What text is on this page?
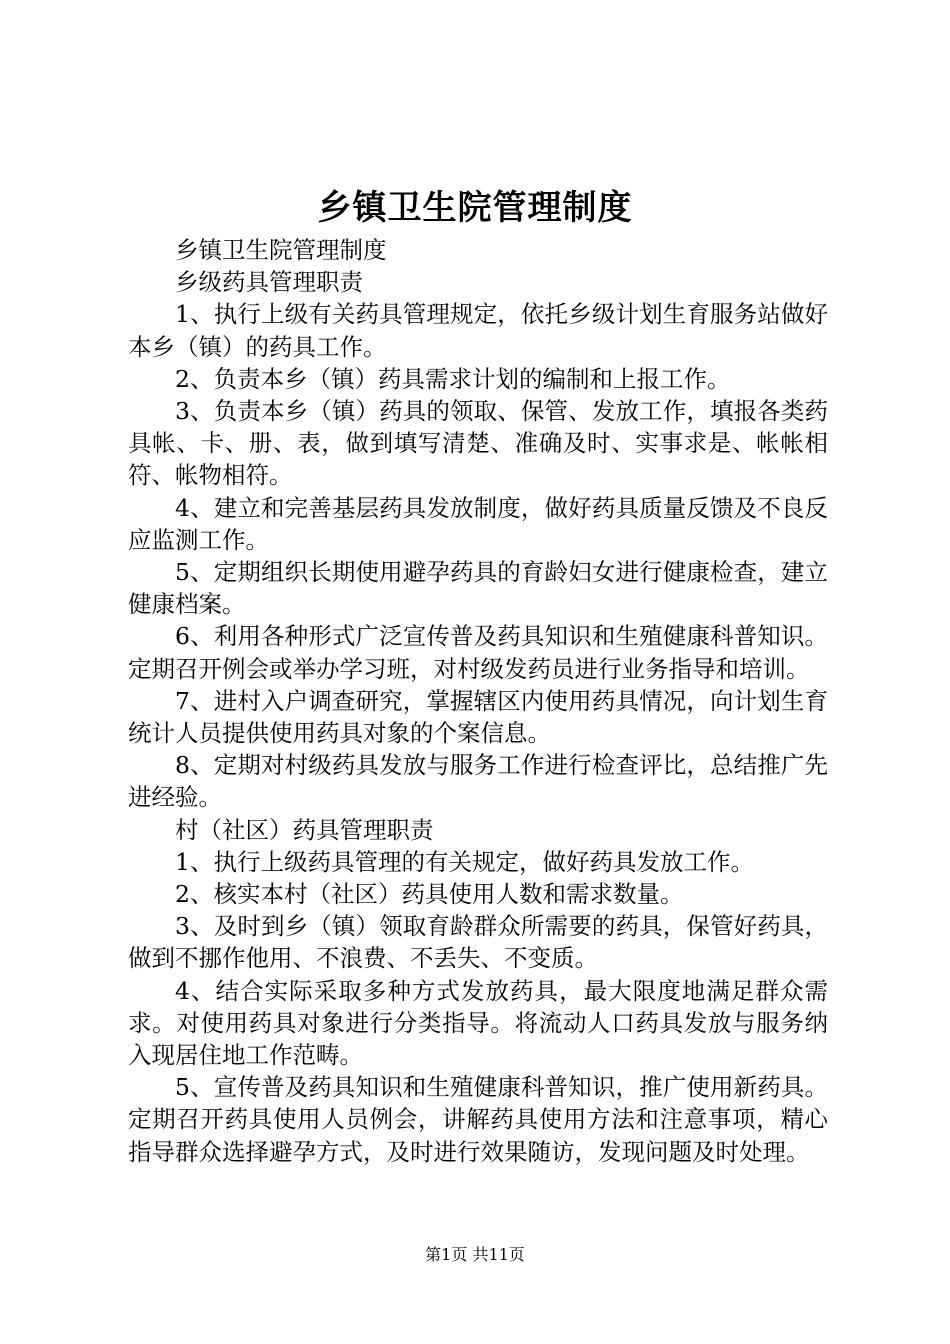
乡镇卫生院管理制度

乡镇卫生院管理制度

乡级药具管理职责

1、执行上级有关药具管理规定，依托乡级计划生育服务站做好本乡（镇）的药具工作。

2、负责本乡（镇）药具需求计划的编制和上报工作。

3、负责本乡（镇）药具的领取、保管、发放工作，填报各类药具帐、卡、册、表，做到填写清楚、准确及时、实事求是、帐帐相符、帐物相符。

4、建立和完善基层药具发放制度，做好药具质量反馈及不良反应监测工作。

5、定期组织长期使用避孕药具的育龄妇女进行健康检查，建立健康档案。

6、利用各种形式广泛宣传普及药具知识和生殖健康科普知识。定期召开例会或举办学习班，对村级发药员进行业务指导和培训。

7、进村入户调查研究，掌握辖区内使用药具情况，向计划生育统计人员提供使用药具对象的个案信息。

8、定期对村级药具发放与服务工作进行检查评比，总结推广先进经验。

村（社区）药具管理职责

1、执行上级药具管理的有关规定，做好药具发放工作。

2、核实本村（社区）药具使用人数和需求数量。

3、及时到乡（镇）领取育龄群众所需要的药具，保管好药具，做到不挪作他用、不浪费、不丢失、不变质。

4、结合实际采取多种方式发放药具，最大限度地满足群众需求。对使用药具对象进行分类指导。将流动人口药具发放与服务纳入现居住地工作范畴。

5、宣传普及药具知识和生殖健康科普知识，推广使用新药具。定期召开药具使用人员例会，讲解药具使用方法和注意事项，精心指导群众选择避孕方式，及时进行效果随访，发现问题及时处理。

第1页 共11页
